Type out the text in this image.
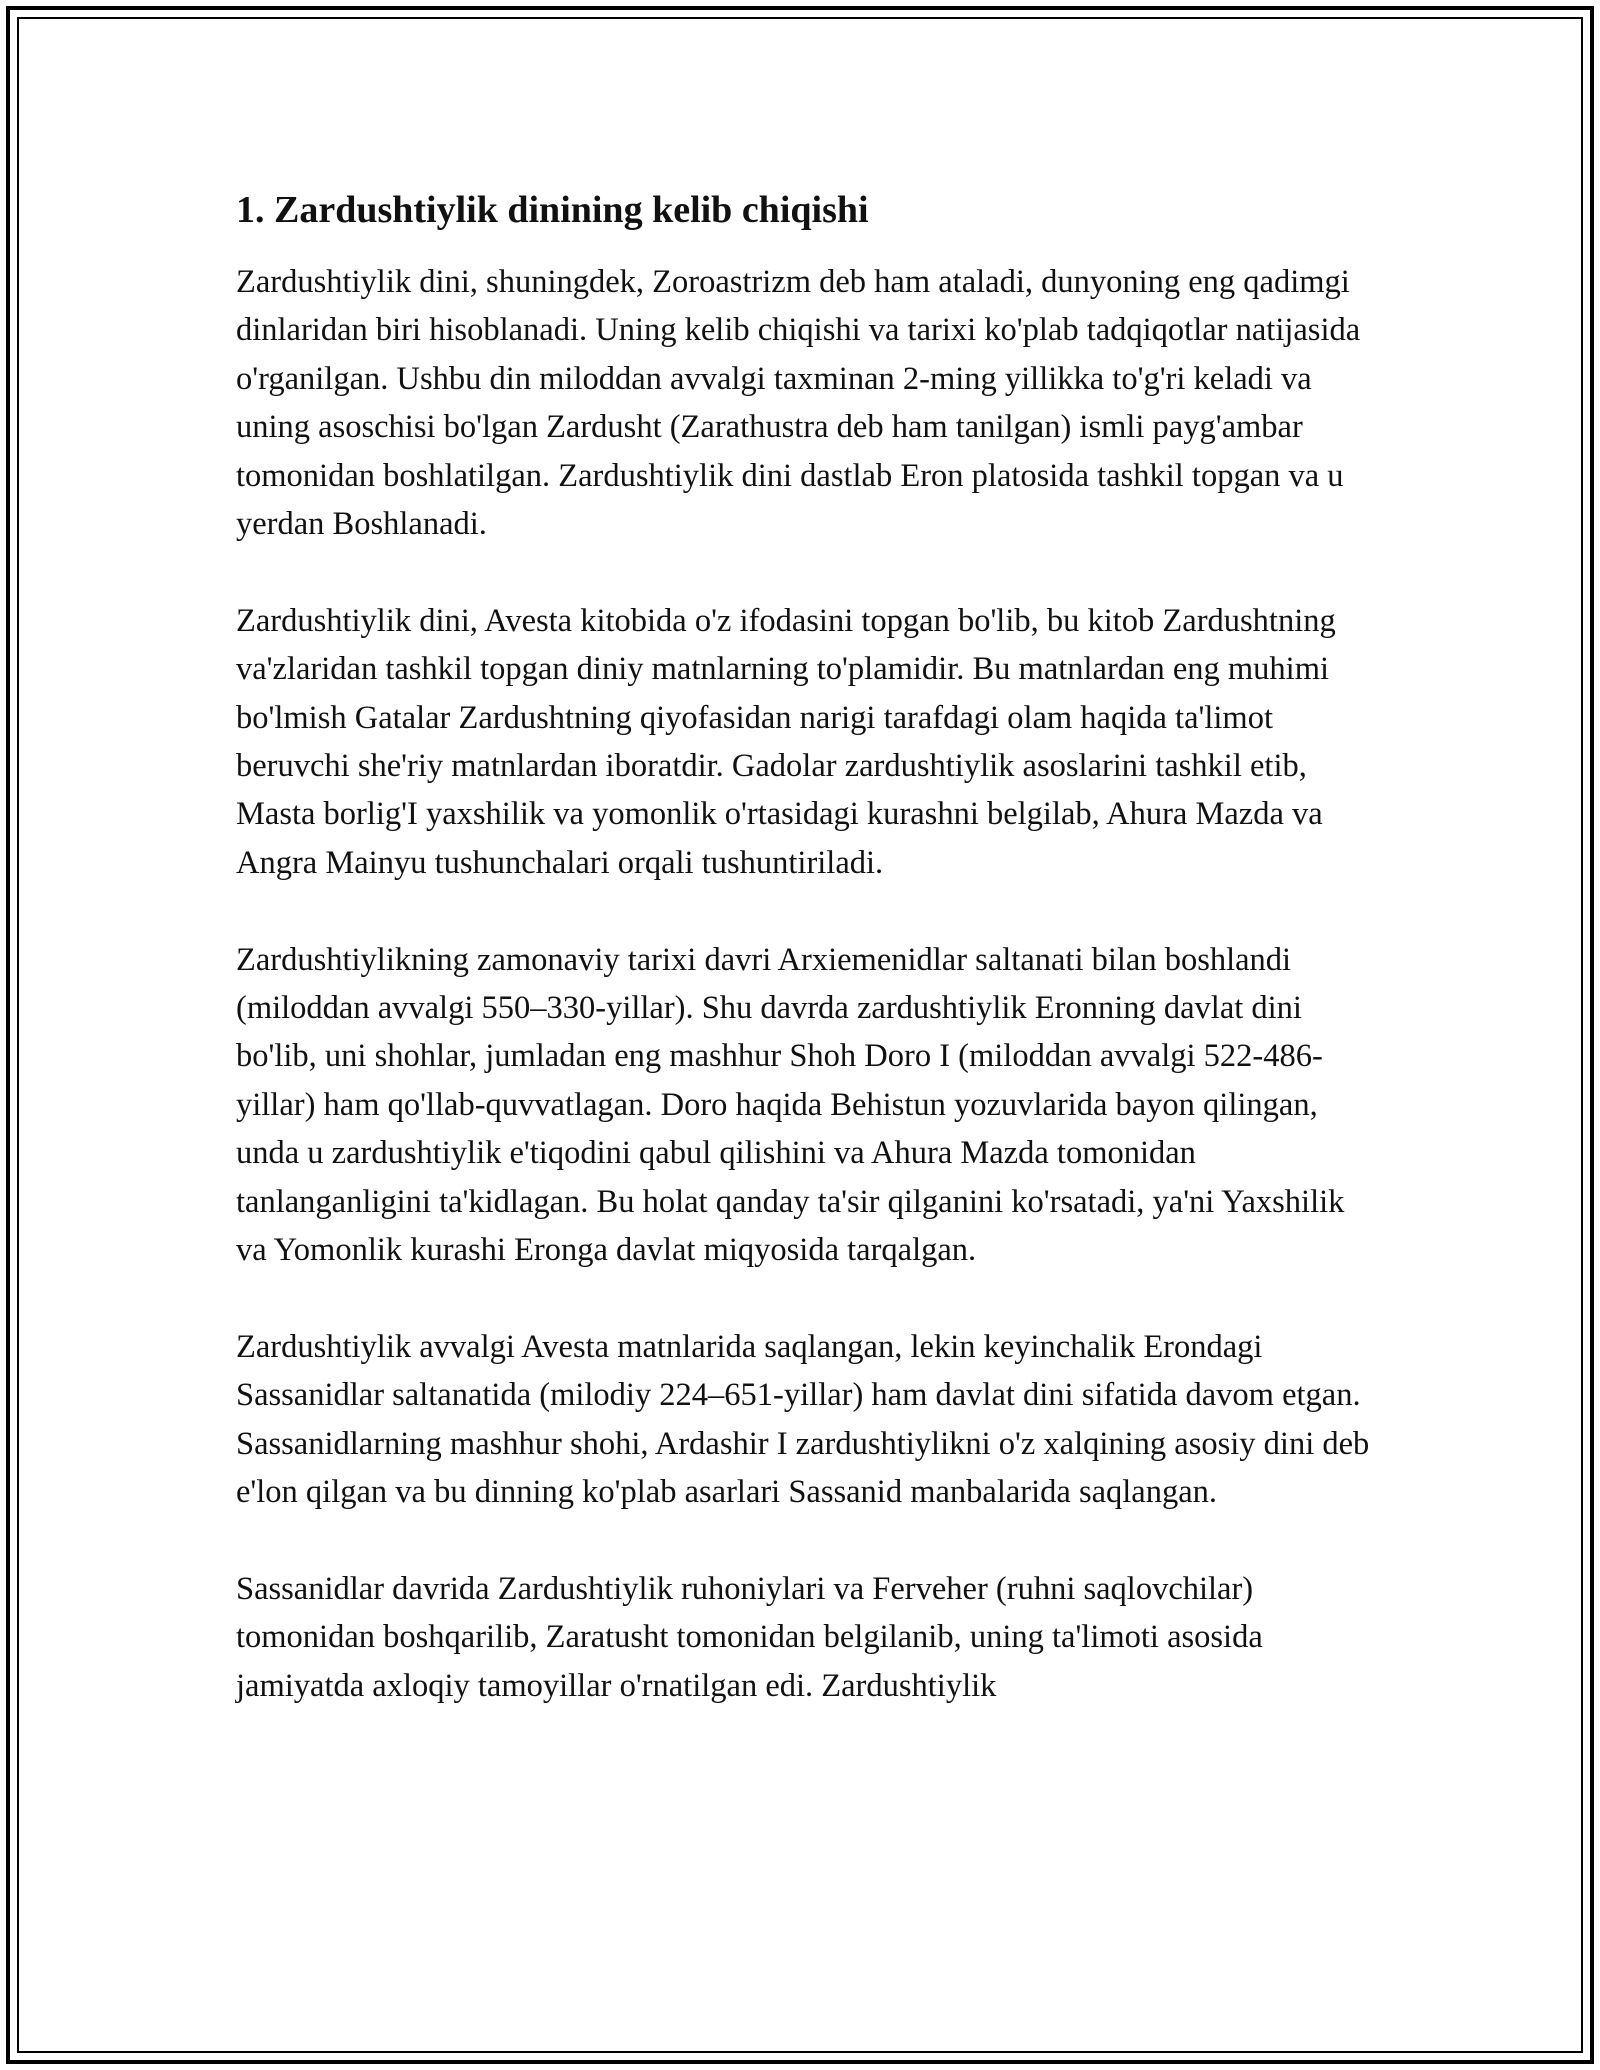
1. Zardushtiylik dinining kelib chiqishi

Zardushtiylik dini, shuningdek, Zoroastrizm deb ham ataladi, dunyoning eng qadimgi dinlaridan biri hisoblanadi. Uning kelib chiqishi va tarixi ko'plab tadqiqotlar natijasida o'rganilgan. Ushbu din miloddan avvalgi taxminan 2-ming yillikka to'g'ri keladi va uning asoschisi bo'lgan Zardusht (Zarathustra deb ham tanilgan) ismli payg'ambar tomonidan boshlatilgan. Zardushtiylik dini dastlab Eron platosida tashkil topgan va u yerdan Boshlanadi.

Zardushtiylik dini, Avesta kitobida o'z ifodasini topgan bo'lib, bu kitob Zardushtning va'zlaridan tashkil topgan diniy matnlarning to'plamidir. Bu matnlardan eng muhimi bo'lmish Gatalar Zardushtning qiyofasidan narigi tarafdagi olam haqida ta'limot beruvchi she'riy matnlardan iboratdir. Gadolar zardushtiylik asoslarini tashkil etib, Masta borlig'I yaxshilik va yomonlik o'rtasidagi kurashni belgilab, Ahura Mazda va Angra Mainyu tushunchalari orqali tushuntiriladi.

Zardushtiylikning zamonaviy tarixi davri Arxiemenidlar saltanati bilan boshlandi (miloddan avvalgi 550–330-yillar). Shu davrda zardushtiylik Eronning davlat dini bo'lib, uni shohlar, jumladan eng mashhur Shoh Doro I (miloddan avvalgi 522-486-yillar) ham qo'llab-quvvatlagan. Doro haqida Behistun yozuvlarida bayon qilingan, unda u zardushtiylik e'tiqodini qabul qilishini va Ahura Mazda tomonidan tanlanganligini ta'kidlagan. Bu holat qanday ta'sir qilganini ko'rsatadi, ya'ni Yaxshilik va Yomonlik kurashi Eronga davlat miqyosida tarqalgan.

Zardushtiylik avvalgi Avesta matnlarida saqlangan, lekin keyinchalik Erondagi Sassanidlar saltanatida (milodiy 224–651-yillar) ham davlat dini sifatida davom etgan. Sassanidlarning mashhur shohi, Ardashir I zardushtiylikni o'z xalqining asosiy dini deb e'lon qilgan va bu dinning ko'plab asarlari Sassanid manbalarida saqlangan.

Sassanidlar davrida Zardushtiylik ruhoniylari va Ferveher (ruhni saqlovchilar) tomonidan boshqarilib, Zaratusht tomonidan belgilanib, uning ta'limoti asosida jamiyatda axloqiy tamoyillar o'rnatilgan edi. Zardushtiylik
